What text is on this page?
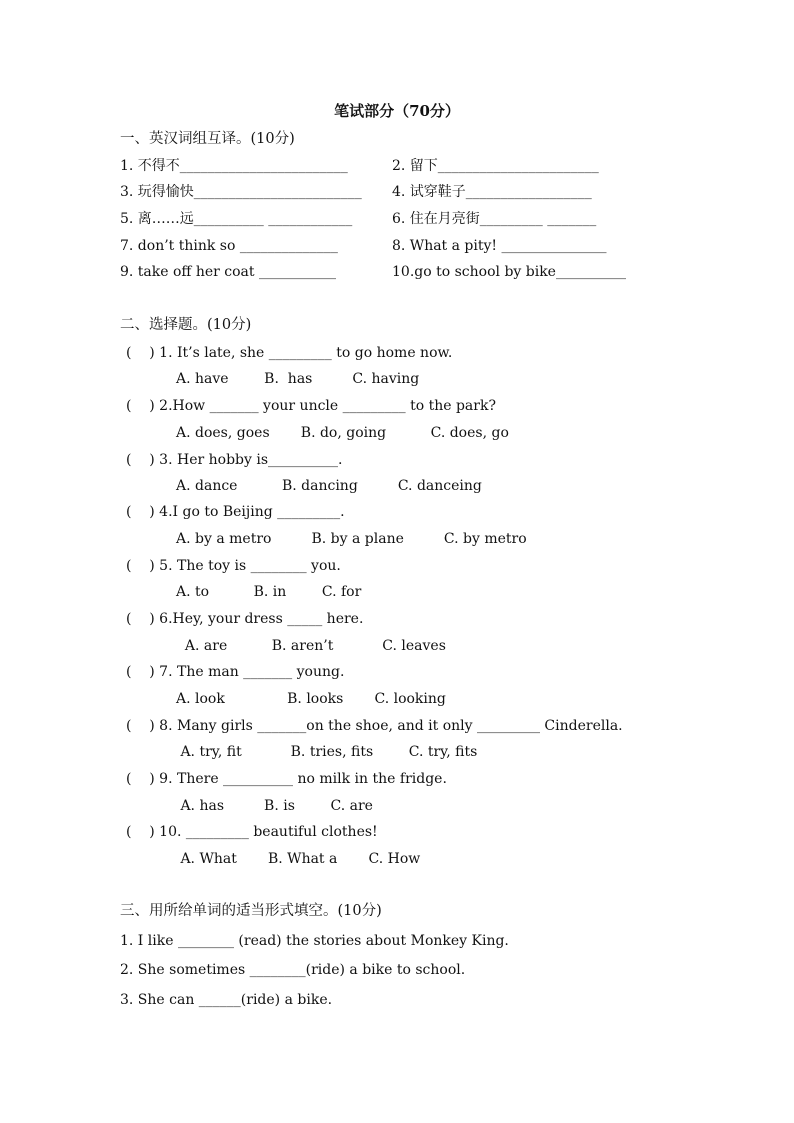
笔试部分（70分）
一、英汉词组互译。(10分)
1. 不得不________________________	2. 留下_______________________
3. 玩得愉快________________________ 4. 试穿鞋子__________________
5. 离……远__________ ____________	6. 住在月亮街_________ _______
7. don’t think so ______________	8. What a pity! _______________
9. take off her coat ___________	10.go to school by bike__________
二、选择题。(10分)
(    ) 1. It’s late, she _________ to go home now.
A. have        B.  has         C. having
(    ) 2.How _______ your uncle _________ to the park?
A. does, goes       B. do, going          C. does, go
(    ) 3. Her hobby is__________.
A. dance          B. dancing         C. danceing
(    ) 4.I go to Beijing _________.
A. by a metro         B. by a plane         C. by metro
(    ) 5. The toy is ________ you.
A. to          B. in        C. for
(    ) 6.Hey, your dress _____ here.
A. are          B. aren’t           C. leaves
(    ) 7. The man _______ young.
A. look              B. looks       C. looking
(    ) 8. Many girls _______on the shoe, and it only _________ Cinderella.
A. try, fit           B. tries, fits        C. try, fits
(    ) 9. There __________ no milk in the fridge.
A. has         B. is        C. are
(    ) 10. _________ beautiful clothes!
A. What       B. What a       C. How
三、用所给单词的适当形式填空。(10分)
1. I like ________ (read) the stories about Monkey King.
2. She sometimes ________(ride) a bike to school.
3. She can ______(ride) a bike.
